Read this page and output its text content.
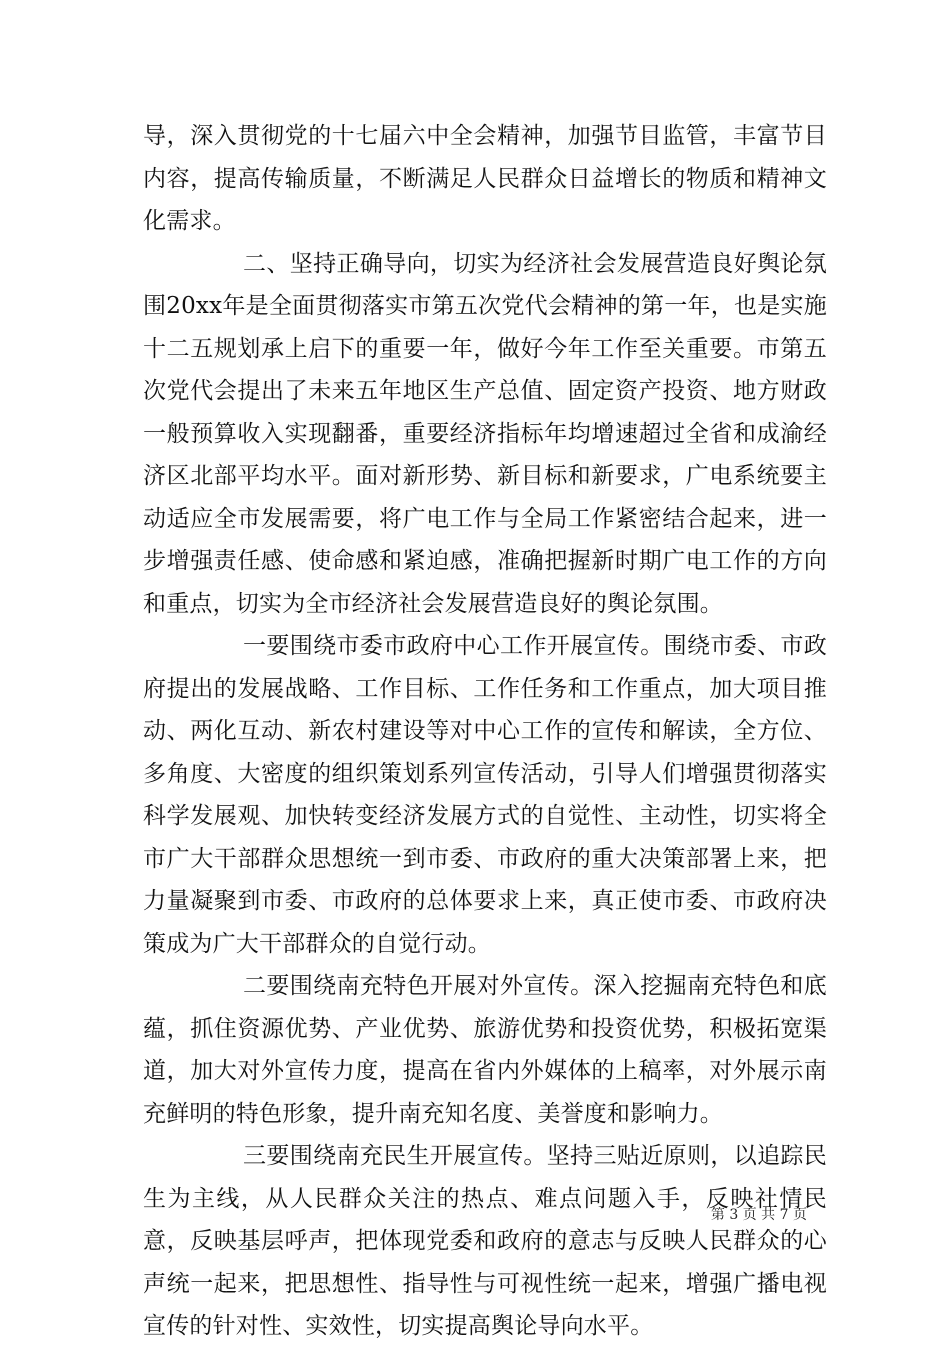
导，深入贯彻党的十七届六中全会精神，加强节目监管，丰富节目内容，提高传输质量，不断满足人民群众日益增长的物质和精神文化需求。

二、坚持正确导向，切实为经济社会发展营造良好舆论氛围20xx年是全面贯彻落实市第五次党代会精神的第一年，也是实施十二五规划承上启下的重要一年，做好今年工作至关重要。市第五次党代会提出了未来五年地区生产总值、固定资产投资、地方财政一般预算收入实现翻番，重要经济指标年均增速超过全省和成渝经济区北部平均水平。面对新形势、新目标和新要求，广电系统要主动适应全市发展需要，将广电工作与全局工作紧密结合起来，进一步增强责任感、使命感和紧迫感，准确把握新时期广电工作的方向和重点，切实为全市经济社会发展营造良好的舆论氛围。

一要围绕市委市政府中心工作开展宣传。围绕市委、市政府提出的发展战略、工作目标、工作任务和工作重点，加大项目推动、两化互动、新农村建设等对中心工作的宣传和解读，全方位、多角度、大密度的组织策划系列宣传活动，引导人们增强贯彻落实科学发展观、加快转变经济发展方式的自觉性、主动性，切实将全市广大干部群众思想统一到市委、市政府的重大决策部署上来，把力量凝聚到市委、市政府的总体要求上来，真正使市委、市政府决策成为广大干部群众的自觉行动。

二要围绕南充特色开展对外宣传。深入挖掘南充特色和底蕴，抓住资源优势、产业优势、旅游优势和投资优势，积极拓宽渠道，加大对外宣传力度，提高在省内外媒体的上稿率，对外展示南充鲜明的特色形象，提升南充知名度、美誉度和影响力。

三要围绕南充民生开展宣传。坚持三贴近原则，以追踪民生为主线，从人民群众关注的热点、难点问题入手，反映社情民意，反映基层呼声，把体现党委和政府的意志与反映人民群众的心声统一起来，把思想性、指导性与可视性统一起来，增强广播电视宣传的针对性、实效性，切实提高舆论导向水平。

第 3 页 共 7 页
